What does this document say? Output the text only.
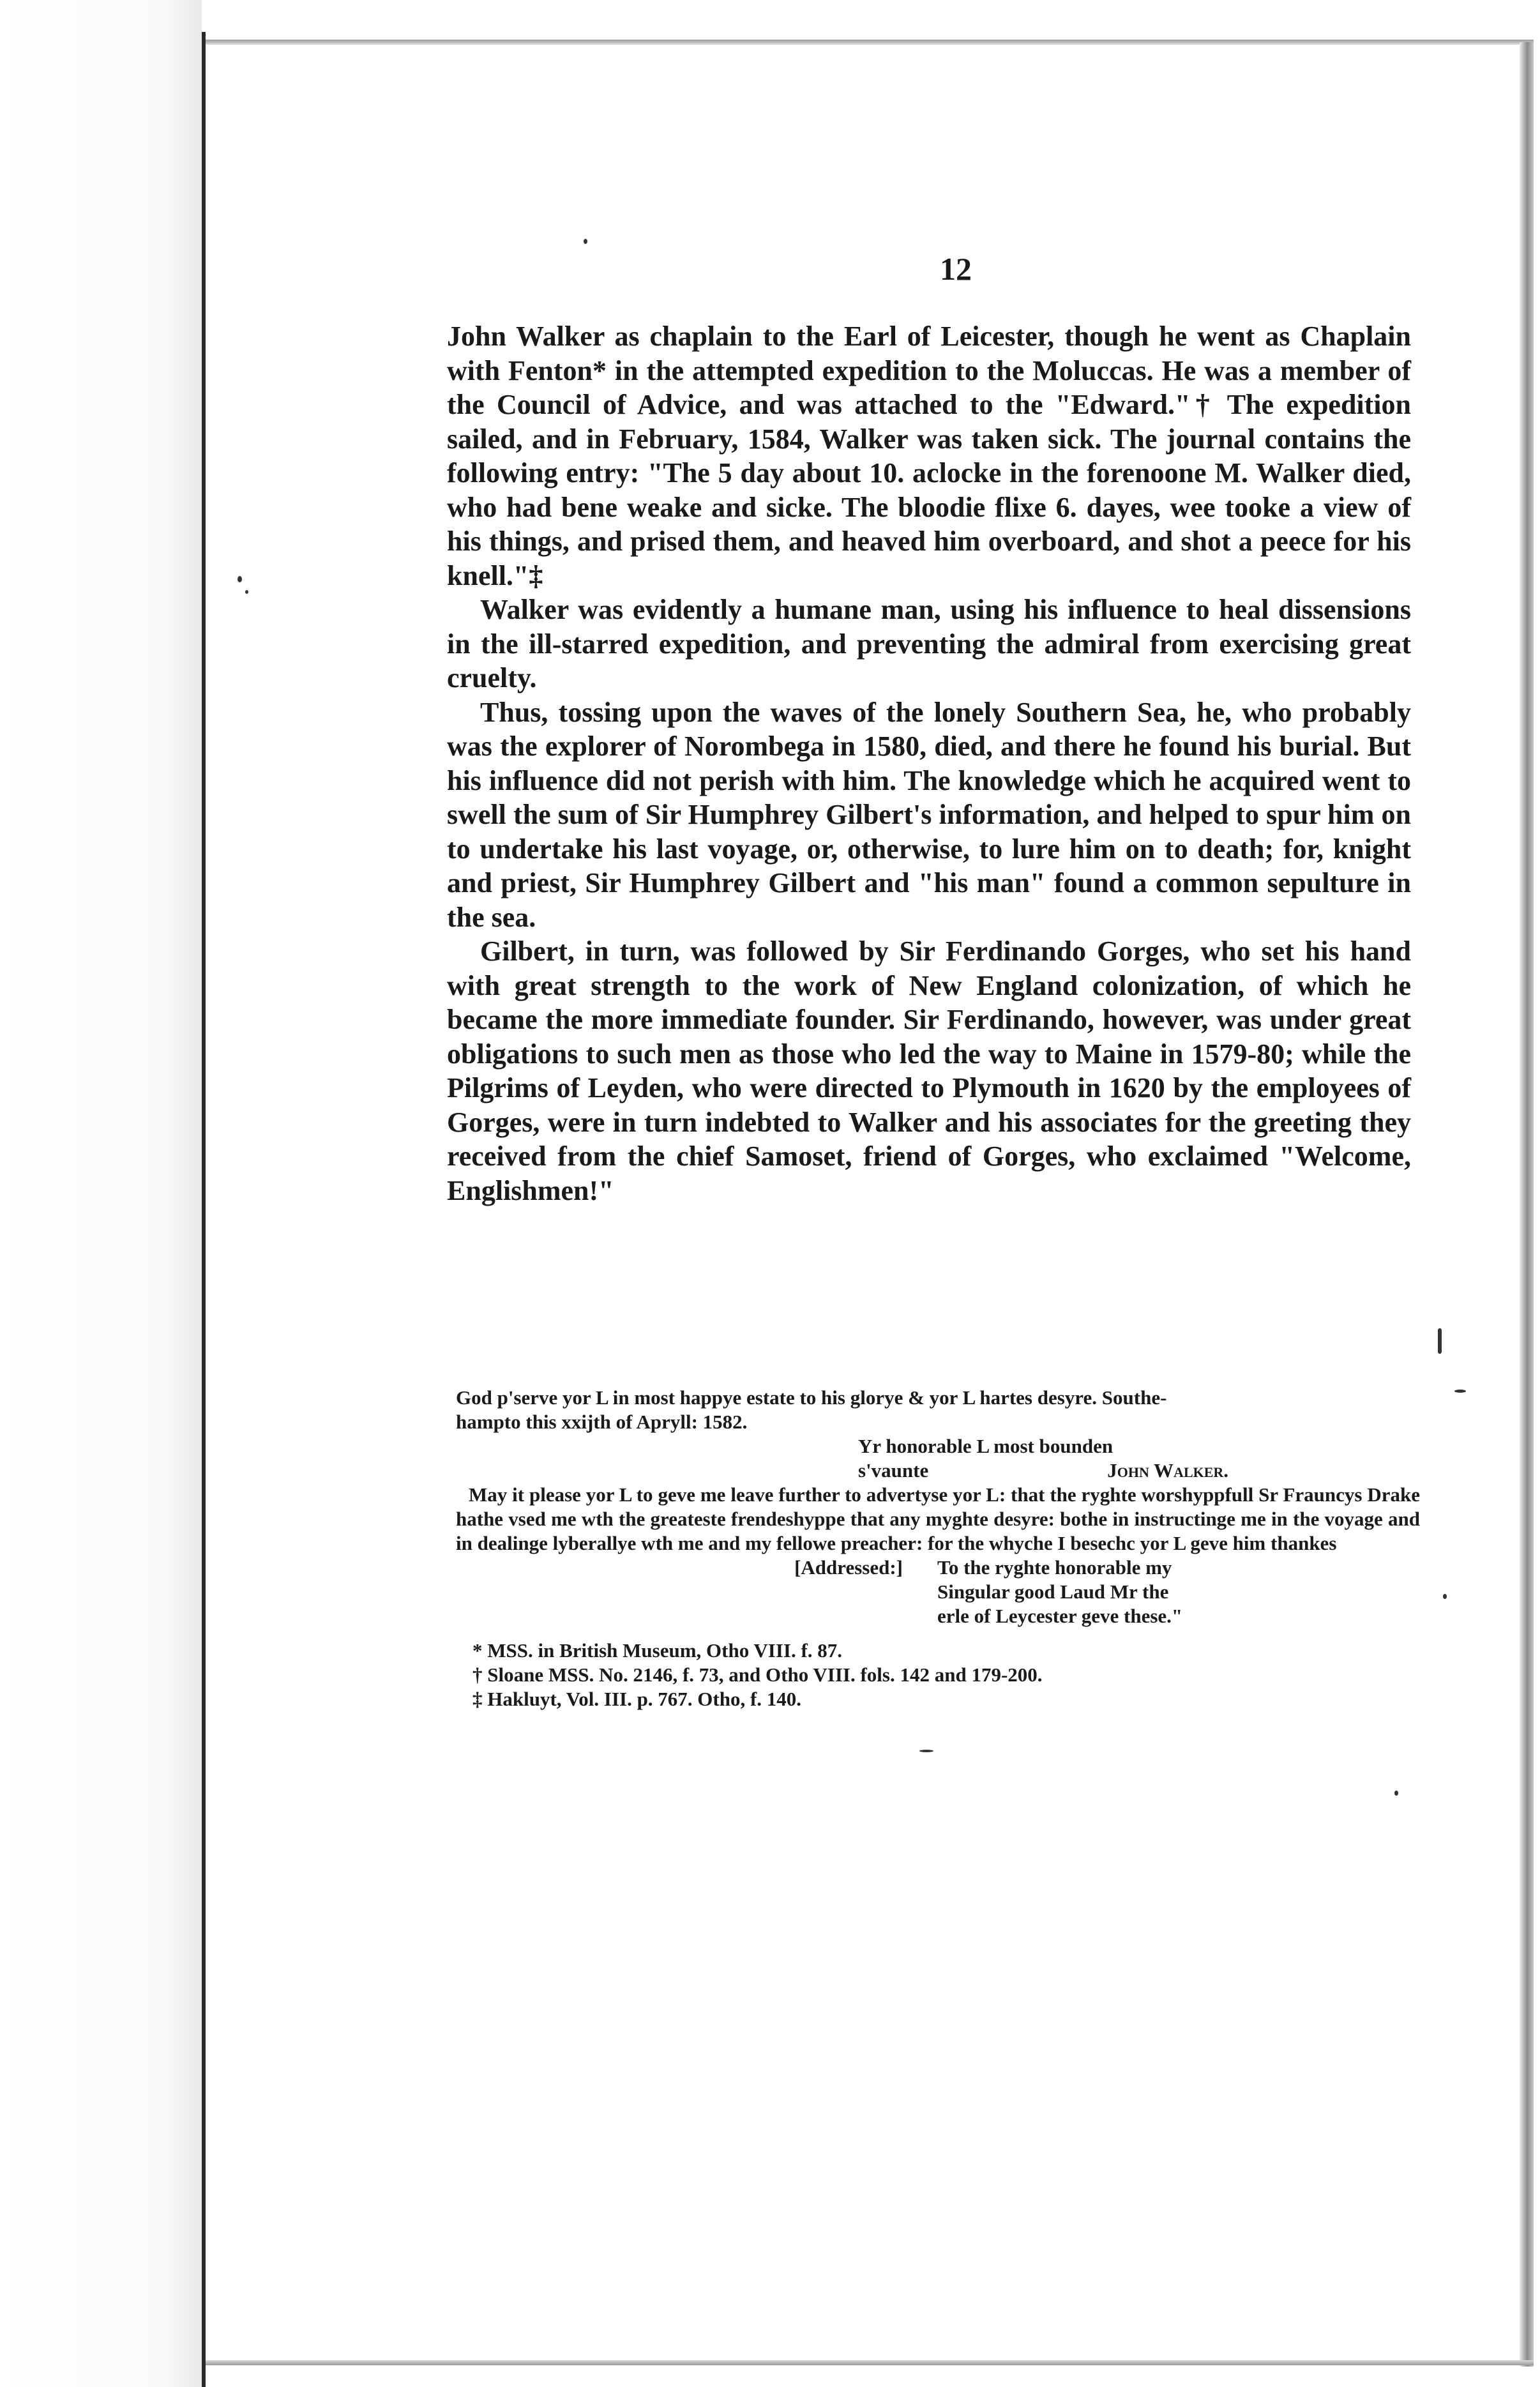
12

John Walker as chaplain to the Earl of Leicester, though he went as Chaplain with Fenton* in the attempted expedition to the Moluccas. He was a member of the Council of Advice, and was attached to the "Edward."† The expedition sailed, and in February, 1584, Walker was taken sick. The journal contains the following entry: "The 5 day about 10. aclocke in the forenoone M. Walker died, who had bene weake and sicke. The bloodie flixe 6. dayes, wee tooke a view of his things, and prised them, and heaved him overboard, and shot a peece for his knell."‡

Walker was evidently a humane man, using his influence to heal dissensions in the ill-starred expedition, and preventing the admiral from exercising great cruelty.

Thus, tossing upon the waves of the lonely Southern Sea, he, who probably was the explorer of Norombega in 1580, died, and there he found his burial. But his influence did not perish with him. The knowledge which he acquired went to swell the sum of Sir Humphrey Gilbert's information, and helped to spur him on to undertake his last voyage, or, otherwise, to lure him on to death; for, knight and priest, Sir Humphrey Gilbert and "his man" found a common sepulture in the sea.

Gilbert, in turn, was followed by Sir Ferdinando Gorges, who set his hand with great strength to the work of New England colonization, of which he became the more immediate founder. Sir Ferdinando, however, was under great obligations to such men as those who led the way to Maine in 1579-80; while the Pilgrims of Leyden, who were directed to Plymouth in 1620 by the employees of Gorges, were in turn indebted to Walker and his associates for the greeting they received from the chief Samoset, friend of Gorges, who exclaimed "Welcome, Englishmen!"

God p'serve yor L in most happye estate to his glorye & yor L hartes desyre. Southe-
hampto this xxijth of Apryll: 1582.
Yr honorable L most bounden
s'vaunte	John Walker.

May it please yor L to geve me leave further to advertyse yor L: that the ryghte worshyppfull Sr Frauncys Drake hathe vsed me wth the greateste frendeshyppe that any myghte desyre: bothe in instructinge me in the voyage and in dealinge lyberallye wth me and my fellowe preacher: for the whyche I besechc yor L geve him thankes

[Addressed:]	To the ryghte honorable my
Singular good Laud Mr the
erle of Leycester geve these."
* MSS. in British Museum, Otho VIII. f. 87.
† Sloane MSS. No. 2146, f. 73, and Otho VIII. fols. 142 and 179-200.
‡ Hakluyt, Vol. III. p. 767. Otho, f. 140.
